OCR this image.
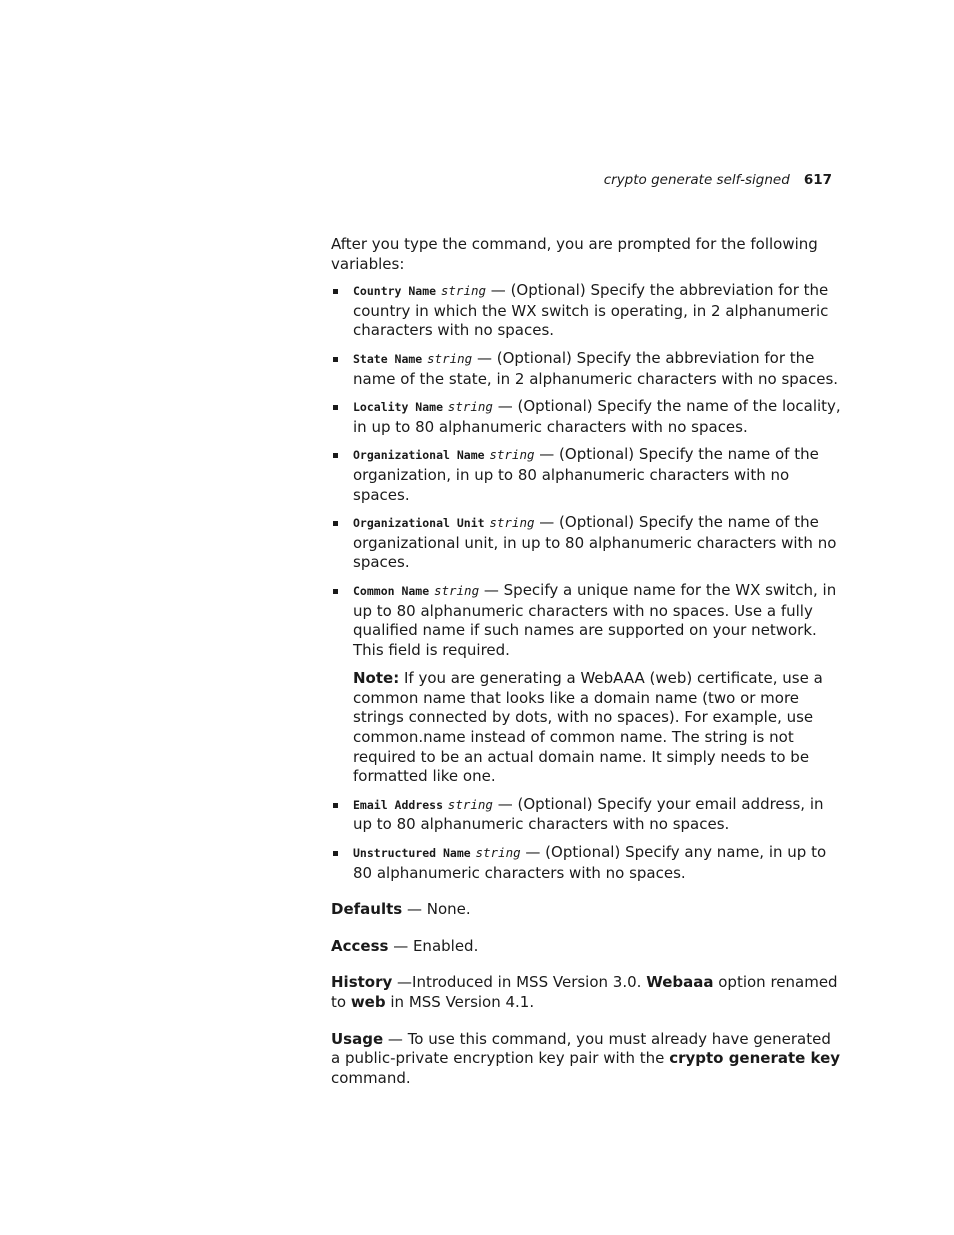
crypto generate self-signed 617

After you type the command, you are prompted for the following variables:

Country Name string — (Optional) Specify the abbreviation for the country in which the WX switch is operating, in 2 alphanumeric characters with no spaces.
State Name string — (Optional) Specify the abbreviation for the name of the state, in 2 alphanumeric characters with no spaces.
Locality Name string — (Optional) Specify the name of the locality, in up to 80 alphanumeric characters with no spaces.
Organizational Name string — (Optional) Specify the name of the organization, in up to 80 alphanumeric characters with no spaces.
Organizational Unit string — (Optional) Specify the name of the organizational unit, in up to 80 alphanumeric characters with no spaces.
Common Name string — Specify a unique name for the WX switch, in up to 80 alphanumeric characters with no spaces. Use a fully qualified name if such names are supported on your network. This field is required.

Note: If you are generating a WebAAA (web) certificate, use a common name that looks like a domain name (two or more strings connected by dots, with no spaces). For example, use common.name instead of common name. The string is not required to be an actual domain name. It simply needs to be formatted like one.

Email Address string — (Optional) Specify your email address, in up to 80 alphanumeric characters with no spaces.
Unstructured Name string — (Optional) Specify any name, in up to 80 alphanumeric characters with no spaces.

Defaults — None.

Access — Enabled.

History —Introduced in MSS Version 3.0. Webaaa option renamed to web in MSS Version 4.1.

Usage — To use this command, you must already have generated a public-private encryption key pair with the crypto generate key command.
